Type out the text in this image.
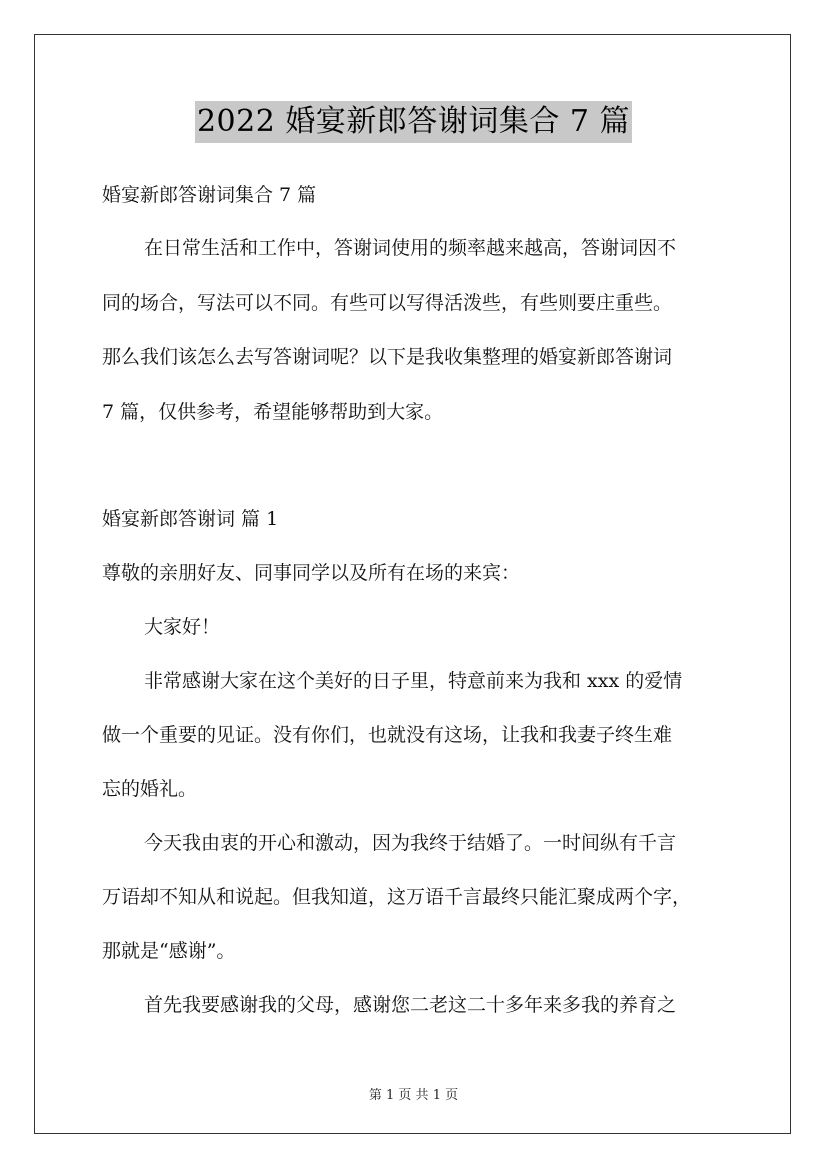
2022 婚宴新郎答谢词集合 7 篇
婚宴新郎答谢词集合 7 篇
在日常生活和工作中，答谢词使用的频率越来越高，答谢词因不
同的场合，写法可以不同。有些可以写得活泼些，有些则要庄重些。
那么我们该怎么去写答谢词呢？以下是我收集整理的婚宴新郎答谢词
7 篇，仅供参考，希望能够帮助到大家。
婚宴新郎答谢词 篇 1
尊敬的亲朋好友、同事同学以及所有在场的来宾：
大家好！
非常感谢大家在这个美好的日子里，特意前来为我和 xxx 的爱情
做一个重要的见证。没有你们，也就没有这场，让我和我妻子终生难
忘的婚礼。
今天我由衷的开心和激动，因为我终于结婚了。一时间纵有千言
万语却不知从和说起。但我知道，这万语千言最终只能汇聚成两个字，
那就是“感谢”。
首先我要感谢我的父母，感谢您二老这二十多年来多我的养育之
第 1 页 共 1 页
